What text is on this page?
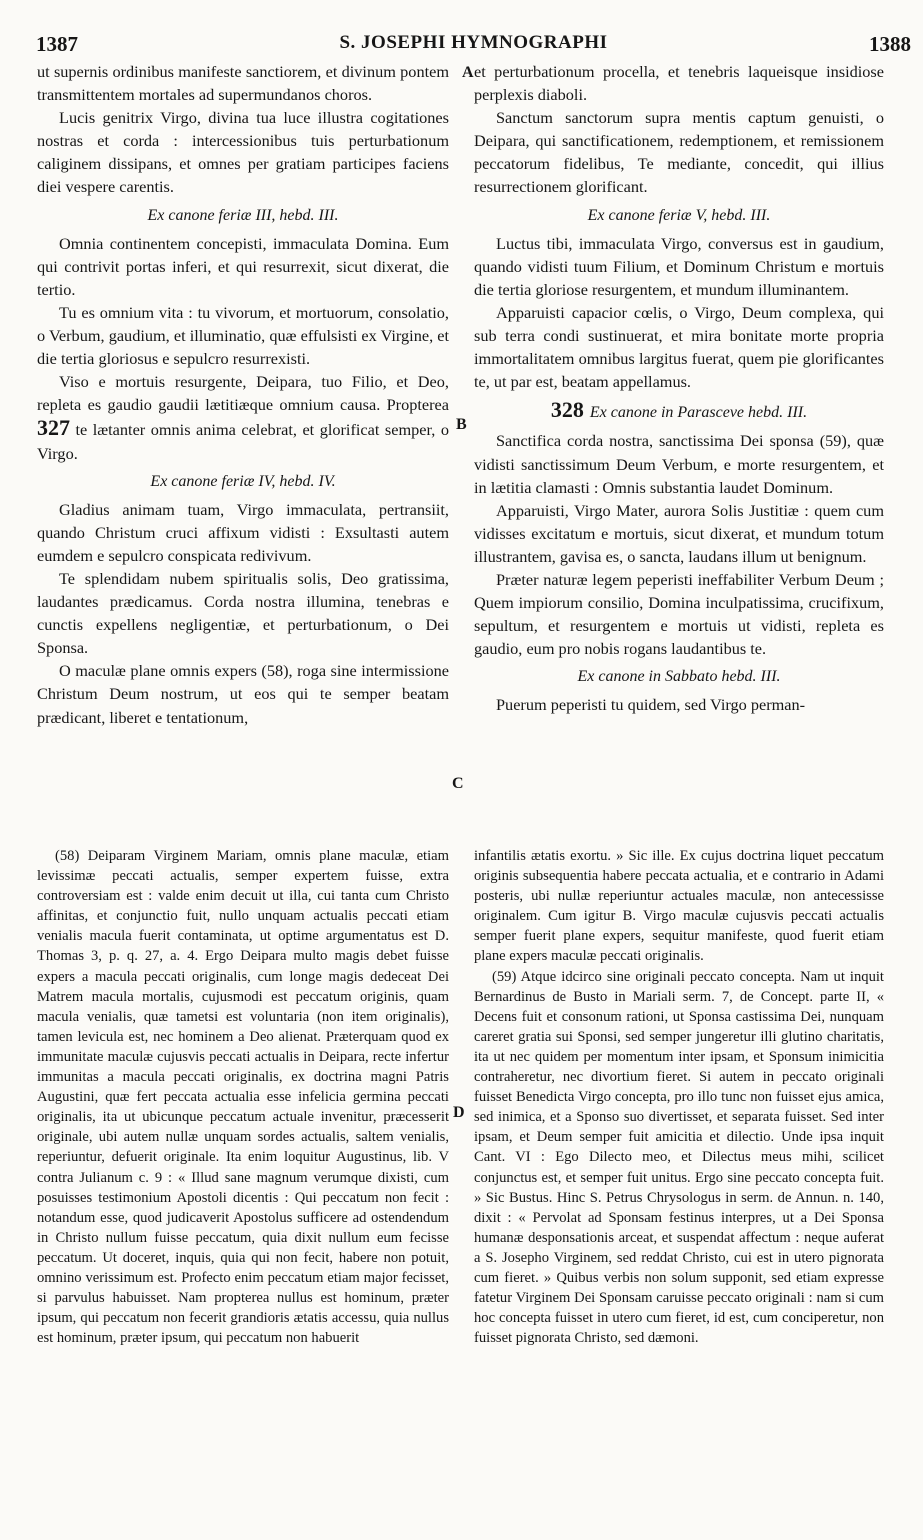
1387	S. JOSEPHI HYMNOGRAPHI	1388
A
B
C
D

ut supernis ordinibus manifeste sanctiorem, et divinum pontem transmittentem mortales ad supermundanos choros.

Lucis genitrix Virgo, divina tua luce illustra cogitationes nostras et corda : intercessionibus tuis perturbationum caliginem dissipans, et omnes per gratiam participes faciens diei vespere carentis.

Ex canone feriæ III, hebd. III.

Omnia continentem concepisti, immaculata Domina. Eum qui contrivit portas inferi, et qui resurrexit, sicut dixerat, die tertio.

Tu es omnium vita : tu vivorum, et mortuorum, consolatio, o Verbum, gaudium, et illuminatio, quæ effulsisti ex Virgine, et die tertia gloriosus e sepulcro resurrexisti.

Viso e mortuis resurgente, Deipara, tuo Filio, et Deo, repleta es gaudio gaudii lætitiæque omnium causa. Propterea 327 te lætanter omnis anima celebrat, et glorificat semper, o Virgo.

Ex canone feriæ IV, hebd. IV.

Gladius animam tuam, Virgo immaculata, pertransiit, quando Christum cruci affixum vidisti : Exsultasti autem eumdem e sepulcro conspicata redivivum.

Te splendidam nubem spiritualis solis, Deo gratissima, laudantes prædicamus. Corda nostra illumina, tenebras e cunctis expellens negligentiæ, et perturbationum, o Dei Sponsa.

O maculæ plane omnis expers (58), roga sine intermissione Christum Deum nostrum, ut eos qui te semper beatam prædicant, liberet e tentationum,

et perturbationum procella, et tenebris laqueisque insidiose perplexis diaboli.

Sanctum sanctorum supra mentis captum genuisti, o Deipara, qui sanctificationem, redemptionem, et remissionem peccatorum fidelibus, Te mediante, concedit, qui illius resurrectionem glorificant.

Ex canone feriæ V, hebd. III.

Luctus tibi, immaculata Virgo, conversus est in gaudium, quando vidisti tuum Filium, et Dominum Christum e mortuis die tertia gloriose resurgentem, et mundum illuminantem.

Apparuisti capacior cœlis, o Virgo, Deum complexa, qui sub terra condi sustinuerat, et mira bonitate morte propria immortalitatem omnibus largitus fuerat, quem pie glorificantes te, ut par est, beatam appellamus.

328 Ex canone in Parasceve hebd. III.

Sanctifica corda nostra, sanctissima Dei sponsa (59), quæ vidisti sanctissimum Deum Verbum, e morte resurgentem, et in lætitia clamasti : Omnis substantia laudet Dominum.

Apparuisti, Virgo Mater, aurora Solis Justitiæ : quem cum vidisses excitatum e mortuis, sicut dixerat, et mundum totum illustrantem, gavisa es, o sancta, laudans illum ut benignum.

Præter naturæ legem peperisti ineffabiliter Verbum Deum ; Quem impiorum consilio, Domina inculpatissima, crucifixum, sepultum, et resurgentem e mortuis ut vidisti, repleta es gaudio, eum pro nobis rogans laudantibus te.

Ex canone in Sabbato hebd. III.

Puerum peperisti tu quidem, sed Virgo perman-

(58) Deiparam Virginem Mariam, omnis plane maculæ, etiam levissimæ peccati actualis, semper expertem fuisse, extra controversiam est : valde enim decuit ut illa, cui tanta cum Christo affinitas, et conjunctio fuit, nullo unquam actualis peccati etiam venialis macula fuerit contaminata, ut optime argumentatus est D. Thomas 3, p. q. 27, a. 4. Ergo Deipara multo magis debet fuisse expers a macula peccati originalis, cum longe magis dedeceat Dei Matrem macula mortalis, cujusmodi est peccatum originis, quam macula venialis, quæ tametsi est voluntaria (non item originalis), tamen levicula est, nec hominem a Deo alienat. Præterquam quod ex immunitate maculæ cujusvis peccati actualis in Deipara, recte infertur immunitas a macula peccati originalis, ex doctrina magni Patris Augustini, quæ fert peccata actualia esse infelicia germina peccati originalis, ita ut ubicunque peccatum actuale invenitur, præcesserit originale, ubi autem nullæ unquam sordes actualis, saltem venialis, reperiuntur, defuerit originale. Ita enim loquitur Augustinus, lib. V contra Julianum c. 9 : « Illud sane magnum verumque dixisti, cum posuisses testimonium Apostoli dicentis : Qui peccatum non fecit : notandum esse, quod judicaverit Apostolus sufficere ad ostendendum in Christo nullum fuisse peccatum, quia dixit nullum eum fecisse peccatum. Ut doceret, inquis, quia qui non fecit, habere non potuit, omnino verissimum est. Profecto enim peccatum etiam major fecisset, si parvulus habuisset. Nam propterea nullus est hominum, præter ipsum, qui peccatum non fecerit grandioris ætatis accessu, quia nullus est hominum, præter ipsum, qui peccatum non habuerit

infantilis ætatis exortu. » Sic ille. Ex cujus doctrina liquet peccatum originis subsequentia habere peccata actualia, et e contrario in Adami posteris, ubi nullæ reperiuntur actuales maculæ, non antecessisse originalem. Cum igitur B. Virgo maculæ cujusvis peccati actualis semper fuerit plane expers, sequitur manifeste, quod fuerit etiam plane expers maculæ peccati originalis.

(59) Atque idcirco sine originali peccato concepta. Nam ut inquit Bernardinus de Busto in Mariali serm. 7, de Concept. parte II, « Decens fuit et consonum rationi, ut Sponsa castissima Dei, nunquam careret gratia sui Sponsi, sed semper jungeretur illi glutino charitatis, ita ut nec quidem per momentum inter ipsam, et Sponsum inimicitia contraheretur, nec divortium fieret. Si autem in peccato originali fuisset Benedicta Virgo concepta, pro illo tunc non fuisset ejus amica, sed inimica, et a Sponso suo divertisset, et separata fuisset. Sed inter ipsam, et Deum semper fuit amicitia et dilectio. Unde ipsa inquit Cant. VI : Ego Dilecto meo, et Dilectus meus mihi, scilicet conjunctus est, et semper fuit unitus. Ergo sine peccato concepta fuit. » Sic Bustus. Hinc S. Petrus Chrysologus in serm. de Annun. n. 140, dixit : « Pervolat ad Sponsam festinus interpres, ut a Dei Sponsa humanæ desponsationis arceat, et suspendat affectum : neque auferat a S. Josepho Virginem, sed reddat Christo, cui est in utero pignorata cum fieret. » Quibus verbis non solum supponit, sed etiam expresse fatetur Virginem Dei Sponsam caruisse peccato originali : nam si cum hoc concepta fuisset in utero cum fieret, id est, cum conciperetur, non fuisset pignorata Christo, sed dæmoni.
